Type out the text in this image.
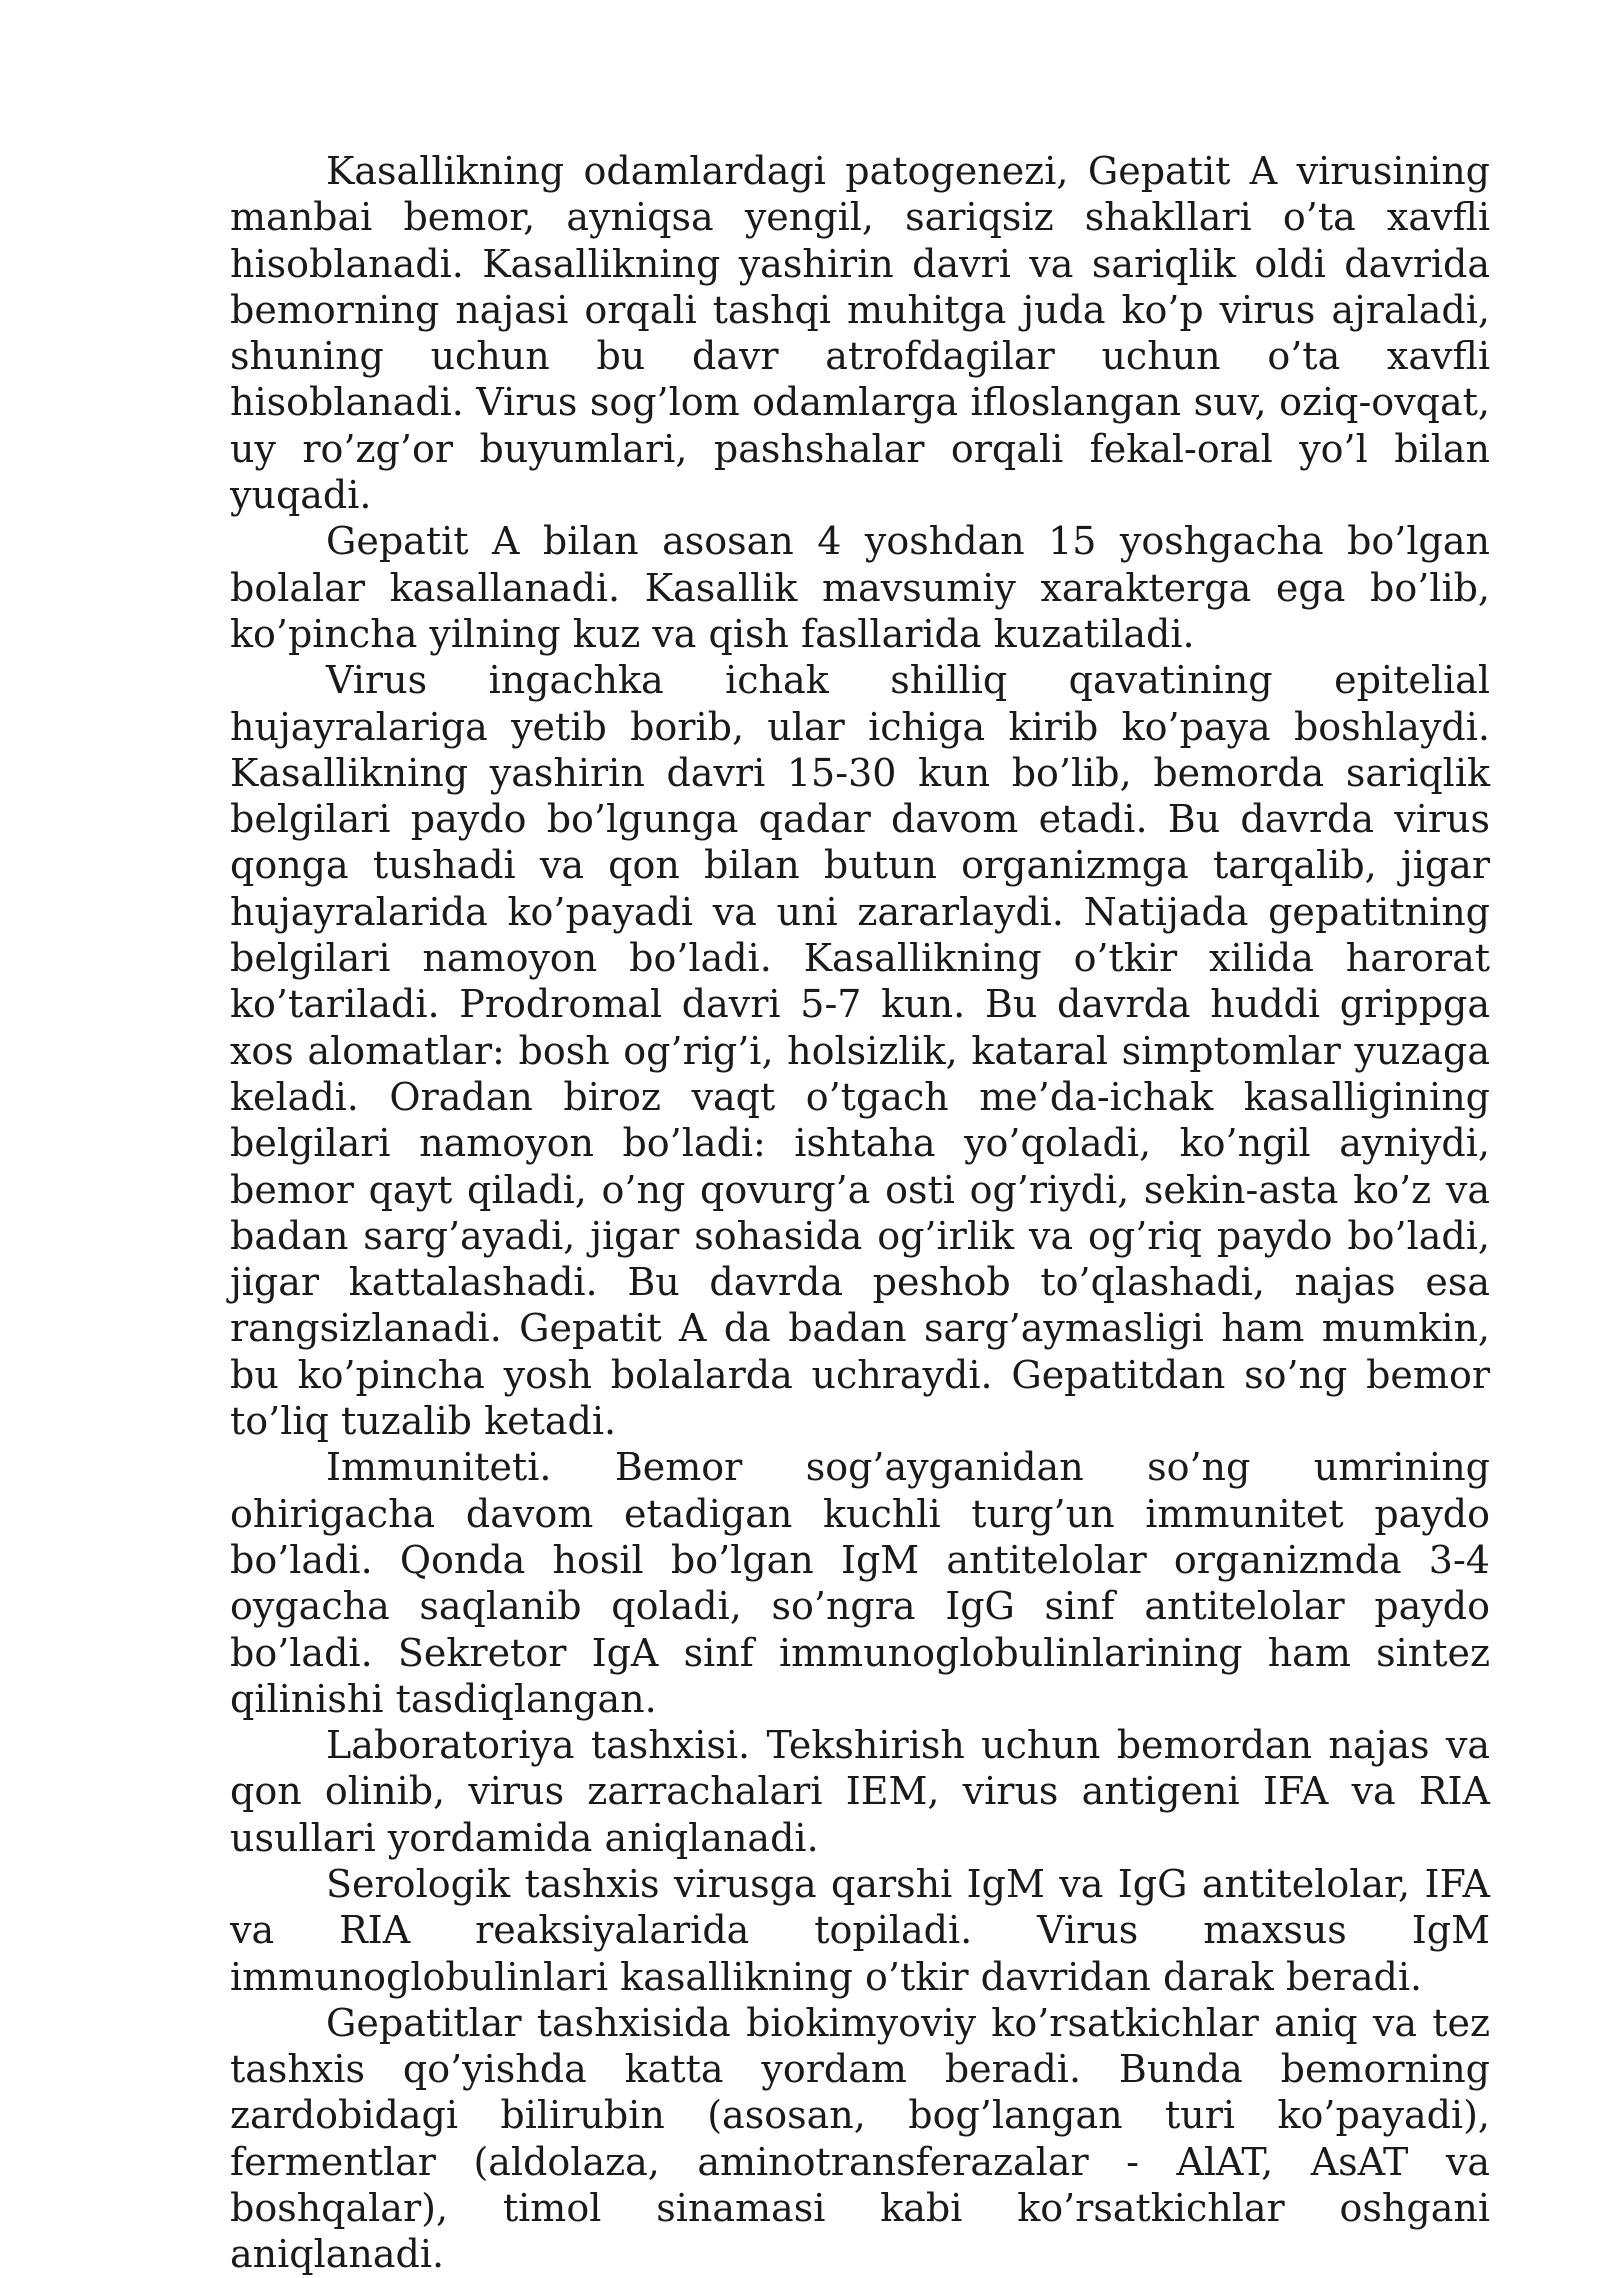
Kasallikning odamlardagi patogenezi, Gepatit A virusining manbai bemor, ayniqsa yengil, sariqsiz shakllari o’ta xavfli hisoblanadi. Kasallikning yashirin davri va sariqlik oldi davrida bemorning najasi orqali tashqi muhitga juda ko’p virus ajraladi, shuning uchun bu davr atrofdagilar uchun o’ta xavfli hisoblanadi. Virus sog’lom odamlarga ifloslangan suv, oziq-ovqat, uy ro’zg’or buyumlari, pashshalar orqali fekal-oral yo’l bilan yuqadi.

Gepatit A bilan asosan 4 yoshdan 15 yoshgacha bo’lgan bolalar kasallanadi. Kasallik mavsumiy xarakterga ega bo’lib, ko’pincha yilning kuz va qish fasllarida kuzatiladi.

Virus ingachka ichak shilliq qavatining epitelial hujayralariga yetib borib, ular ichiga kirib ko’paya boshlaydi. Kasallikning yashirin davri 15-30 kun bo’lib, bemorda sariqlik belgilari paydo bo’lgunga qadar davom etadi. Bu davrda virus qonga tushadi va qon bilan butun organizmga tarqalib, jigar hujayralarida ko’payadi va uni zararlaydi. Natijada gepatitning belgilari namoyon bo’ladi. Kasallikning o’tkir xilida harorat ko’tariladi. Prodromal davri 5-7 kun. Bu davrda huddi grippga xos alomatlar: bosh og’rig’i, holsizlik, kataral simptomlar yuzaga keladi. Oradan biroz vaqt o’tgach me’da-ichak kasalligining belgilari namoyon bo’ladi: ishtaha yo’qoladi, ko’ngil ayniydi, bemor qayt qiladi, o’ng qovurg’a osti og’riydi, sekin-asta ko’z va badan sarg’ayadi, jigar sohasida og’irlik va og’riq paydo bo’ladi, jigar kattalashadi. Bu davrda peshob to’qlashadi, najas esa rangsizlanadi. Gepatit A da badan sarg’aymasligi ham mumkin, bu ko’pincha yosh bolalarda uchraydi. Gepatitdan so’ng bemor to’liq tuzalib ketadi.

Immuniteti. Bemor sog’ayganidan so’ng umrining ohirigacha davom etadigan kuchli turg’un immunitet paydo bo’ladi. Qonda hosil bo’lgan IgM antitelolar organizmda 3-4 oygacha saqlanib qoladi, so’ngra IgG sinf antitelolar paydo bo’ladi. Sekretor IgA sinf immunoglobulinlarining ham sintez qilinishi tasdiqlangan.

Laboratoriya tashxisi. Tekshirish uchun bemordan najas va qon olinib, virus zarrachalari IEM, virus antigeni IFA va RIA usullari yordamida aniqlanadi.

Serologik tashxis virusga qarshi IgM va IgG antitelolar, IFA va RIA reaksiyalarida topiladi. Virus maxsus IgM immunoglobulinlari kasallikning o’tkir davridan darak beradi.

Gepatitlar tashxisida biokimyoviy ko’rsatkichlar aniq va tez tashxis qo’yishda katta yordam beradi. Bunda bemorning zardobidagi bilirubin (asosan, bog’langan turi ko’payadi), fermentlar (aldolaza, aminotransferazalar - AlAT, AsAT va boshqalar), timol sinamasi kabi ko’rsatkichlar oshgani aniqlanadi.
